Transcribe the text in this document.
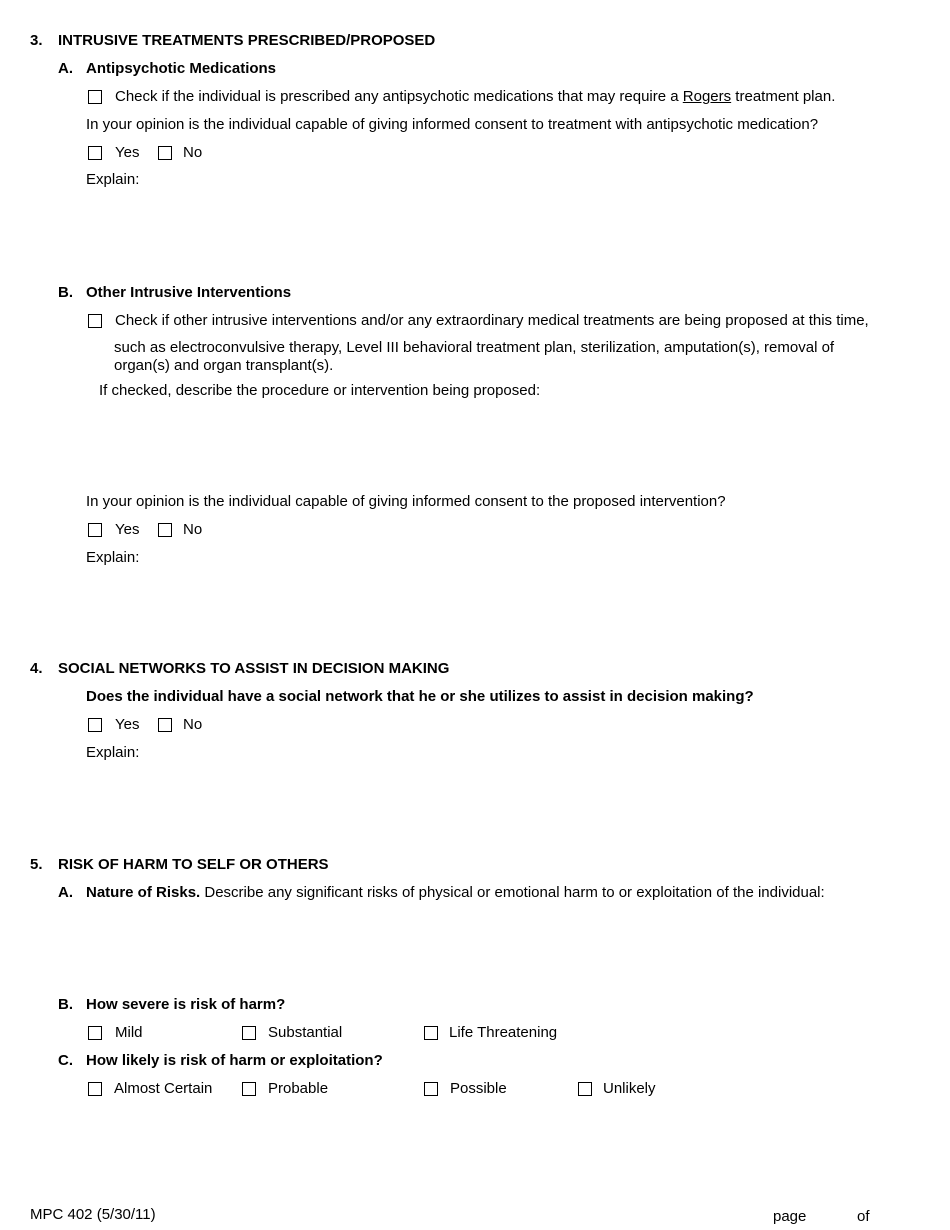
3. INTRUSIVE TREATMENTS PRESCRIBED/PROPOSED
A. Antipsychotic Medications
Check if the individual is prescribed any antipsychotic medications that may require a Rogers treatment plan.
In your opinion is the individual capable of giving informed consent to treatment with antipsychotic medication?
Yes	No
Explain:
B. Other Intrusive Interventions
Check if other intrusive interventions and/or any extraordinary medical treatments are being proposed at this time,
such as electroconvulsive therapy, Level III behavioral treatment plan, sterilization, amputation(s), removal of
organ(s) and organ transplant(s).
If checked, describe the procedure or intervention being proposed:
In your opinion is the individual capable of giving informed consent to the proposed intervention?
Yes	No
Explain:
4. SOCIAL NETWORKS TO ASSIST IN DECISION MAKING
Does the individual have a social network that he or she utilizes to assist in decision making?
Yes	No
Explain:
5. RISK OF HARM TO SELF OR OTHERS
A. Nature of Risks. Describe any significant risks of physical or emotional harm to or exploitation of the individual:
B. How severe is risk of harm?
Mild	Substantial	Life Threatening
C. How likely is risk of harm or exploitation?
Almost Certain	Probable	Possible	Unlikely
MPC 402 (5/30/11)	page	of
